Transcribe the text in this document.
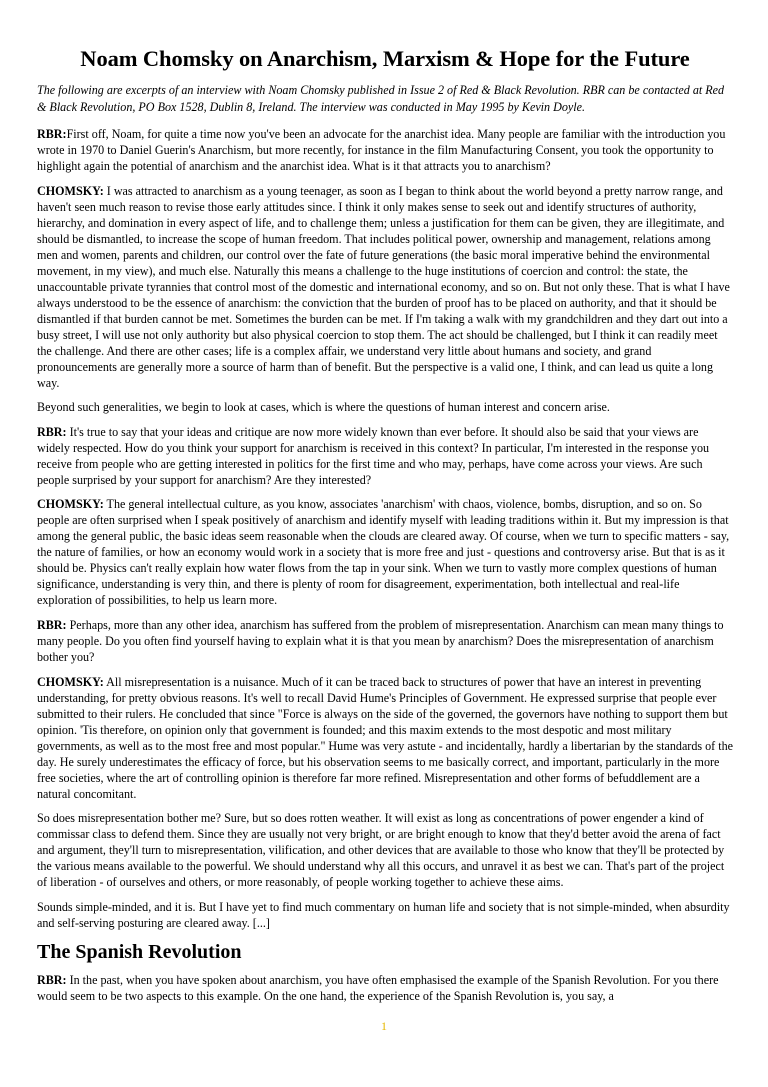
Noam Chomsky on Anarchism, Marxism & Hope for the Future

The following are excerpts of an interview with Noam Chomsky published in Issue 2 of Red & Black Revolution. RBR can be contacted at Red & Black Revolution, PO Box 1528, Dublin 8, Ireland. The interview was conducted in May 1995 by Kevin Doyle.

RBR:First off, Noam, for quite a time now you've been an advocate for the anarchist idea. Many people are familiar with the introduction you wrote in 1970 to Daniel Guerin's Anarchism, but more recently, for instance in the film Manufacturing Consent, you took the opportunity to highlight again the potential of anarchism and the anarchist idea. What is it that attracts you to anarchism?

CHOMSKY: I was attracted to anarchism as a young teenager, as soon as I began to think about the world beyond a pretty narrow range, and haven't seen much reason to revise those early attitudes since. I think it only makes sense to seek out and identify structures of authority, hierarchy, and domination in every aspect of life, and to challenge them; unless a justification for them can be given, they are illegitimate, and should be dismantled, to increase the scope of human freedom. That includes political power, ownership and management, relations among men and women, parents and children, our control over the fate of future generations (the basic moral imperative behind the environmental movement, in my view), and much else. Naturally this means a challenge to the huge institutions of coercion and control: the state, the unaccountable private tyrannies that control most of the domestic and international economy, and so on. But not only these. That is what I have always understood to be the essence of anarchism: the conviction that the burden of proof has to be placed on authority, and that it should be dismantled if that burden cannot be met. Sometimes the burden can be met. If I'm taking a walk with my grandchildren and they dart out into a busy street, I will use not only authority but also physical coercion to stop them. The act should be challenged, but I think it can readily meet the challenge. And there are other cases; life is a complex affair, we understand very little about humans and society, and grand pronouncements are generally more a source of harm than of benefit. But the perspective is a valid one, I think, and can lead us quite a long way.

Beyond such generalities, we begin to look at cases, which is where the questions of human interest and concern arise.

RBR: It's true to say that your ideas and critique are now more widely known than ever before. It should also be said that your views are widely respected. How do you think your support for anarchism is received in this context? In particular, I'm interested in the response you receive from people who are getting interested in politics for the first time and who may, perhaps, have come across your views. Are such people surprised by your support for anarchism? Are they interested?

CHOMSKY: The general intellectual culture, as you know, associates 'anarchism' with chaos, violence, bombs, disruption, and so on. So people are often surprised when I speak positively of anarchism and identify myself with leading traditions within it. But my impression is that among the general public, the basic ideas seem reasonable when the clouds are cleared away. Of course, when we turn to specific matters - say, the nature of families, or how an economy would work in a society that is more free and just - questions and controversy arise. But that is as it should be. Physics can't really explain how water flows from the tap in your sink. When we turn to vastly more complex questions of human significance, understanding is very thin, and there is plenty of room for disagreement, experimentation, both intellectual and real-life exploration of possibilities, to help us learn more.

RBR: Perhaps, more than any other idea, anarchism has suffered from the problem of misrepresentation. Anarchism can mean many things to many people. Do you often find yourself having to explain what it is that you mean by anarchism? Does the misrepresentation of anarchism bother you?

CHOMSKY: All misrepresentation is a nuisance. Much of it can be traced back to structures of power that have an interest in preventing understanding, for pretty obvious reasons. It's well to recall David Hume's Principles of Government. He expressed surprise that people ever submitted to their rulers. He concluded that since "Force is always on the side of the governed, the governors have nothing to support them but opinion. 'Tis therefore, on opinion only that government is founded; and this maxim extends to the most despotic and most military governments, as well as to the most free and most popular." Hume was very astute - and incidentally, hardly a libertarian by the standards of the day. He surely underestimates the efficacy of force, but his observation seems to me basically correct, and important, particularly in the more free societies, where the art of controlling opinion is therefore far more refined. Misrepresentation and other forms of befuddlement are a natural concomitant.

So does misrepresentation bother me? Sure, but so does rotten weather. It will exist as long as concentrations of power engender a kind of commissar class to defend them. Since they are usually not very bright, or are bright enough to know that they'd better avoid the arena of fact and argument, they'll turn to misrepresentation, vilification, and other devices that are available to those who know that they'll be protected by the various means available to the powerful. We should understand why all this occurs, and unravel it as best we can. That's part of the project of liberation - of ourselves and others, or more reasonably, of people working together to achieve these aims.

Sounds simple-minded, and it is. But I have yet to find much commentary on human life and society that is not simple-minded, when absurdity and self-serving posturing are cleared away. [...]

The Spanish Revolution

RBR: In the past, when you have spoken about anarchism, you have often emphasised the example of the Spanish Revolution. For you there would seem to be two aspects to this example. On the one hand, the experience of the Spanish Revolution is, you say, a

1
